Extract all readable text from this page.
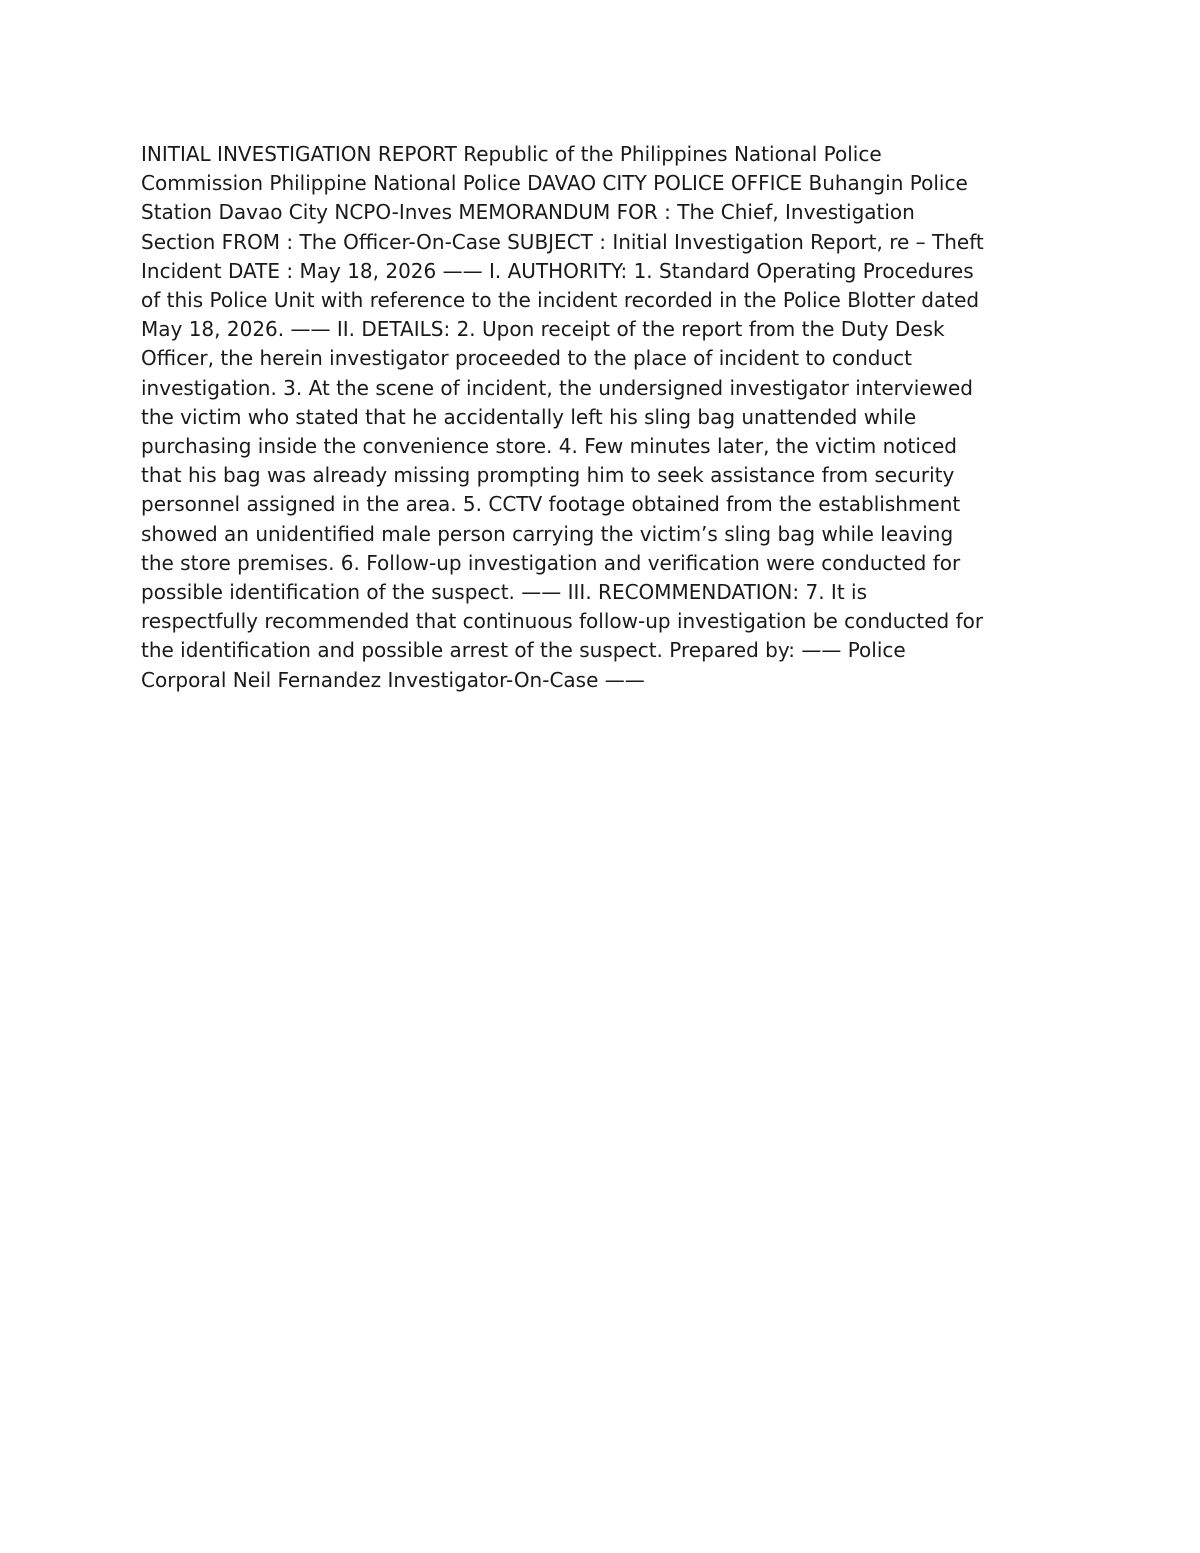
INITIAL INVESTIGATION REPORT Republic of the Philippines National Police
Commission Philippine National Police DAVAO CITY POLICE OFFICE Buhangin Police
Station Davao City NCPO-Inves MEMORANDUM FOR : The Chief, Investigation
Section FROM : The Officer-On-Case SUBJECT : Initial Investigation Report, re – Theft
Incident DATE : May 18, 2026 —— I. AUTHORITY: 1. Standard Operating Procedures
of this Police Unit with reference to the incident recorded in the Police Blotter dated
May 18, 2026. —— II. DETAILS: 2. Upon receipt of the report from the Duty Desk
Officer, the herein investigator proceeded to the place of incident to conduct
investigation. 3. At the scene of incident, the undersigned investigator interviewed
the victim who stated that he accidentally left his sling bag unattended while
purchasing inside the convenience store. 4. Few minutes later, the victim noticed
that his bag was already missing prompting him to seek assistance from security
personnel assigned in the area. 5. CCTV footage obtained from the establishment
showed an unidentified male person carrying the victim’s sling bag while leaving
the store premises. 6. Follow-up investigation and verification were conducted for
possible identification of the suspect. —— III. RECOMMENDATION: 7. It is
respectfully recommended that continuous follow-up investigation be conducted for
the identification and possible arrest of the suspect. Prepared by: —— Police
Corporal Neil Fernandez Investigator-On-Case ——
